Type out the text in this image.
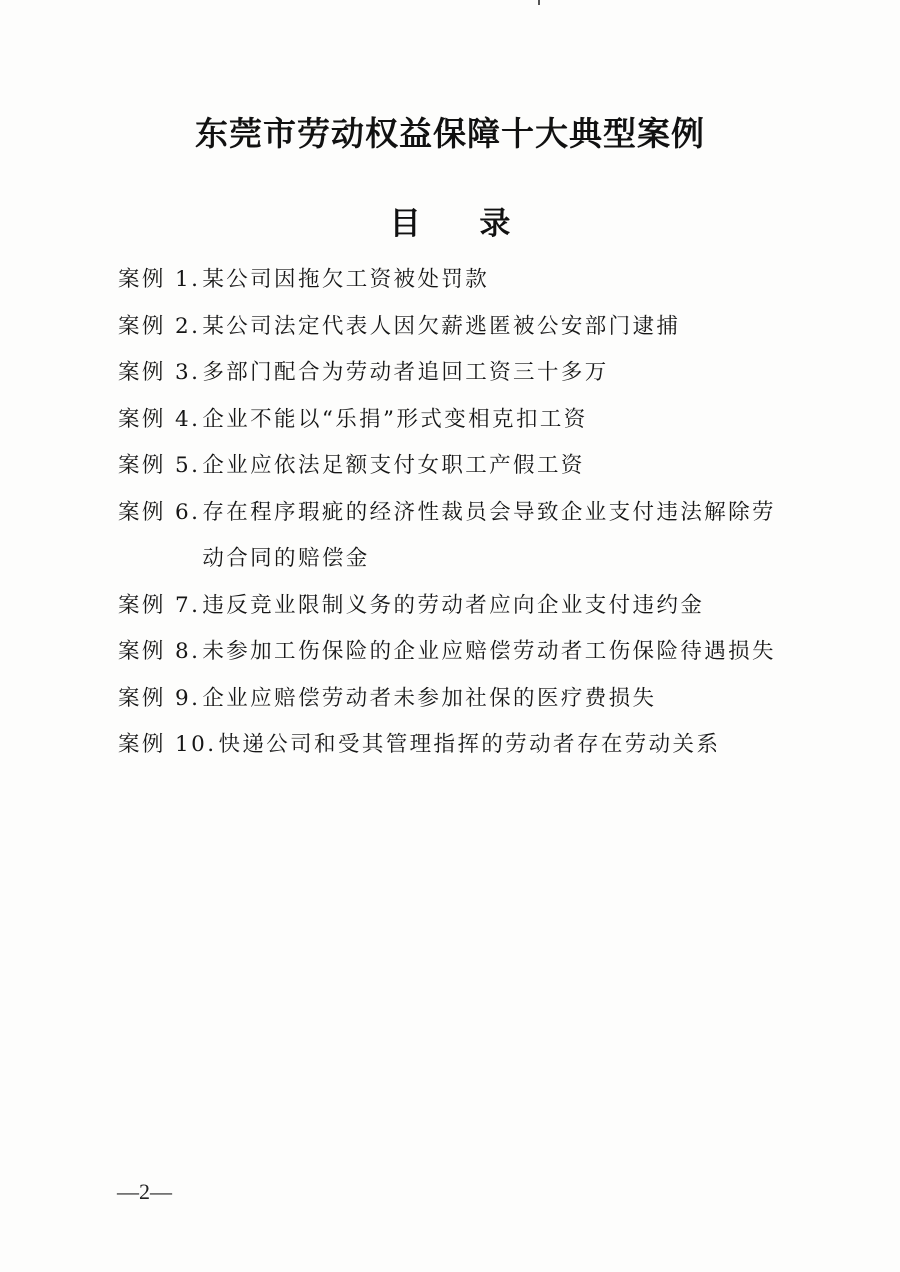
东莞市劳动权益保障十大典型案例
目 录
案例 1. 某公司因拖欠工资被处罚款
案例 2. 某公司法定代表人因欠薪逃匿被公安部门逮捕
案例 3. 多部门配合为劳动者追回工资三十多万
案例 4. 企业不能以“乐捐”形式变相克扣工资
案例 5. 企业应依法足额支付女职工产假工资
案例 6. 存在程序瑕疵的经济性裁员会导致企业支付违法解除劳动合同的赔偿金
案例 7. 违反竞业限制义务的劳动者应向企业支付违约金
案例 8. 未参加工伤保险的企业应赔偿劳动者工伤保险待遇损失
案例 9. 企业应赔偿劳动者未参加社保的医疗费损失
案例 10. 快递公司和受其管理指挥的劳动者存在劳动关系
—2—
